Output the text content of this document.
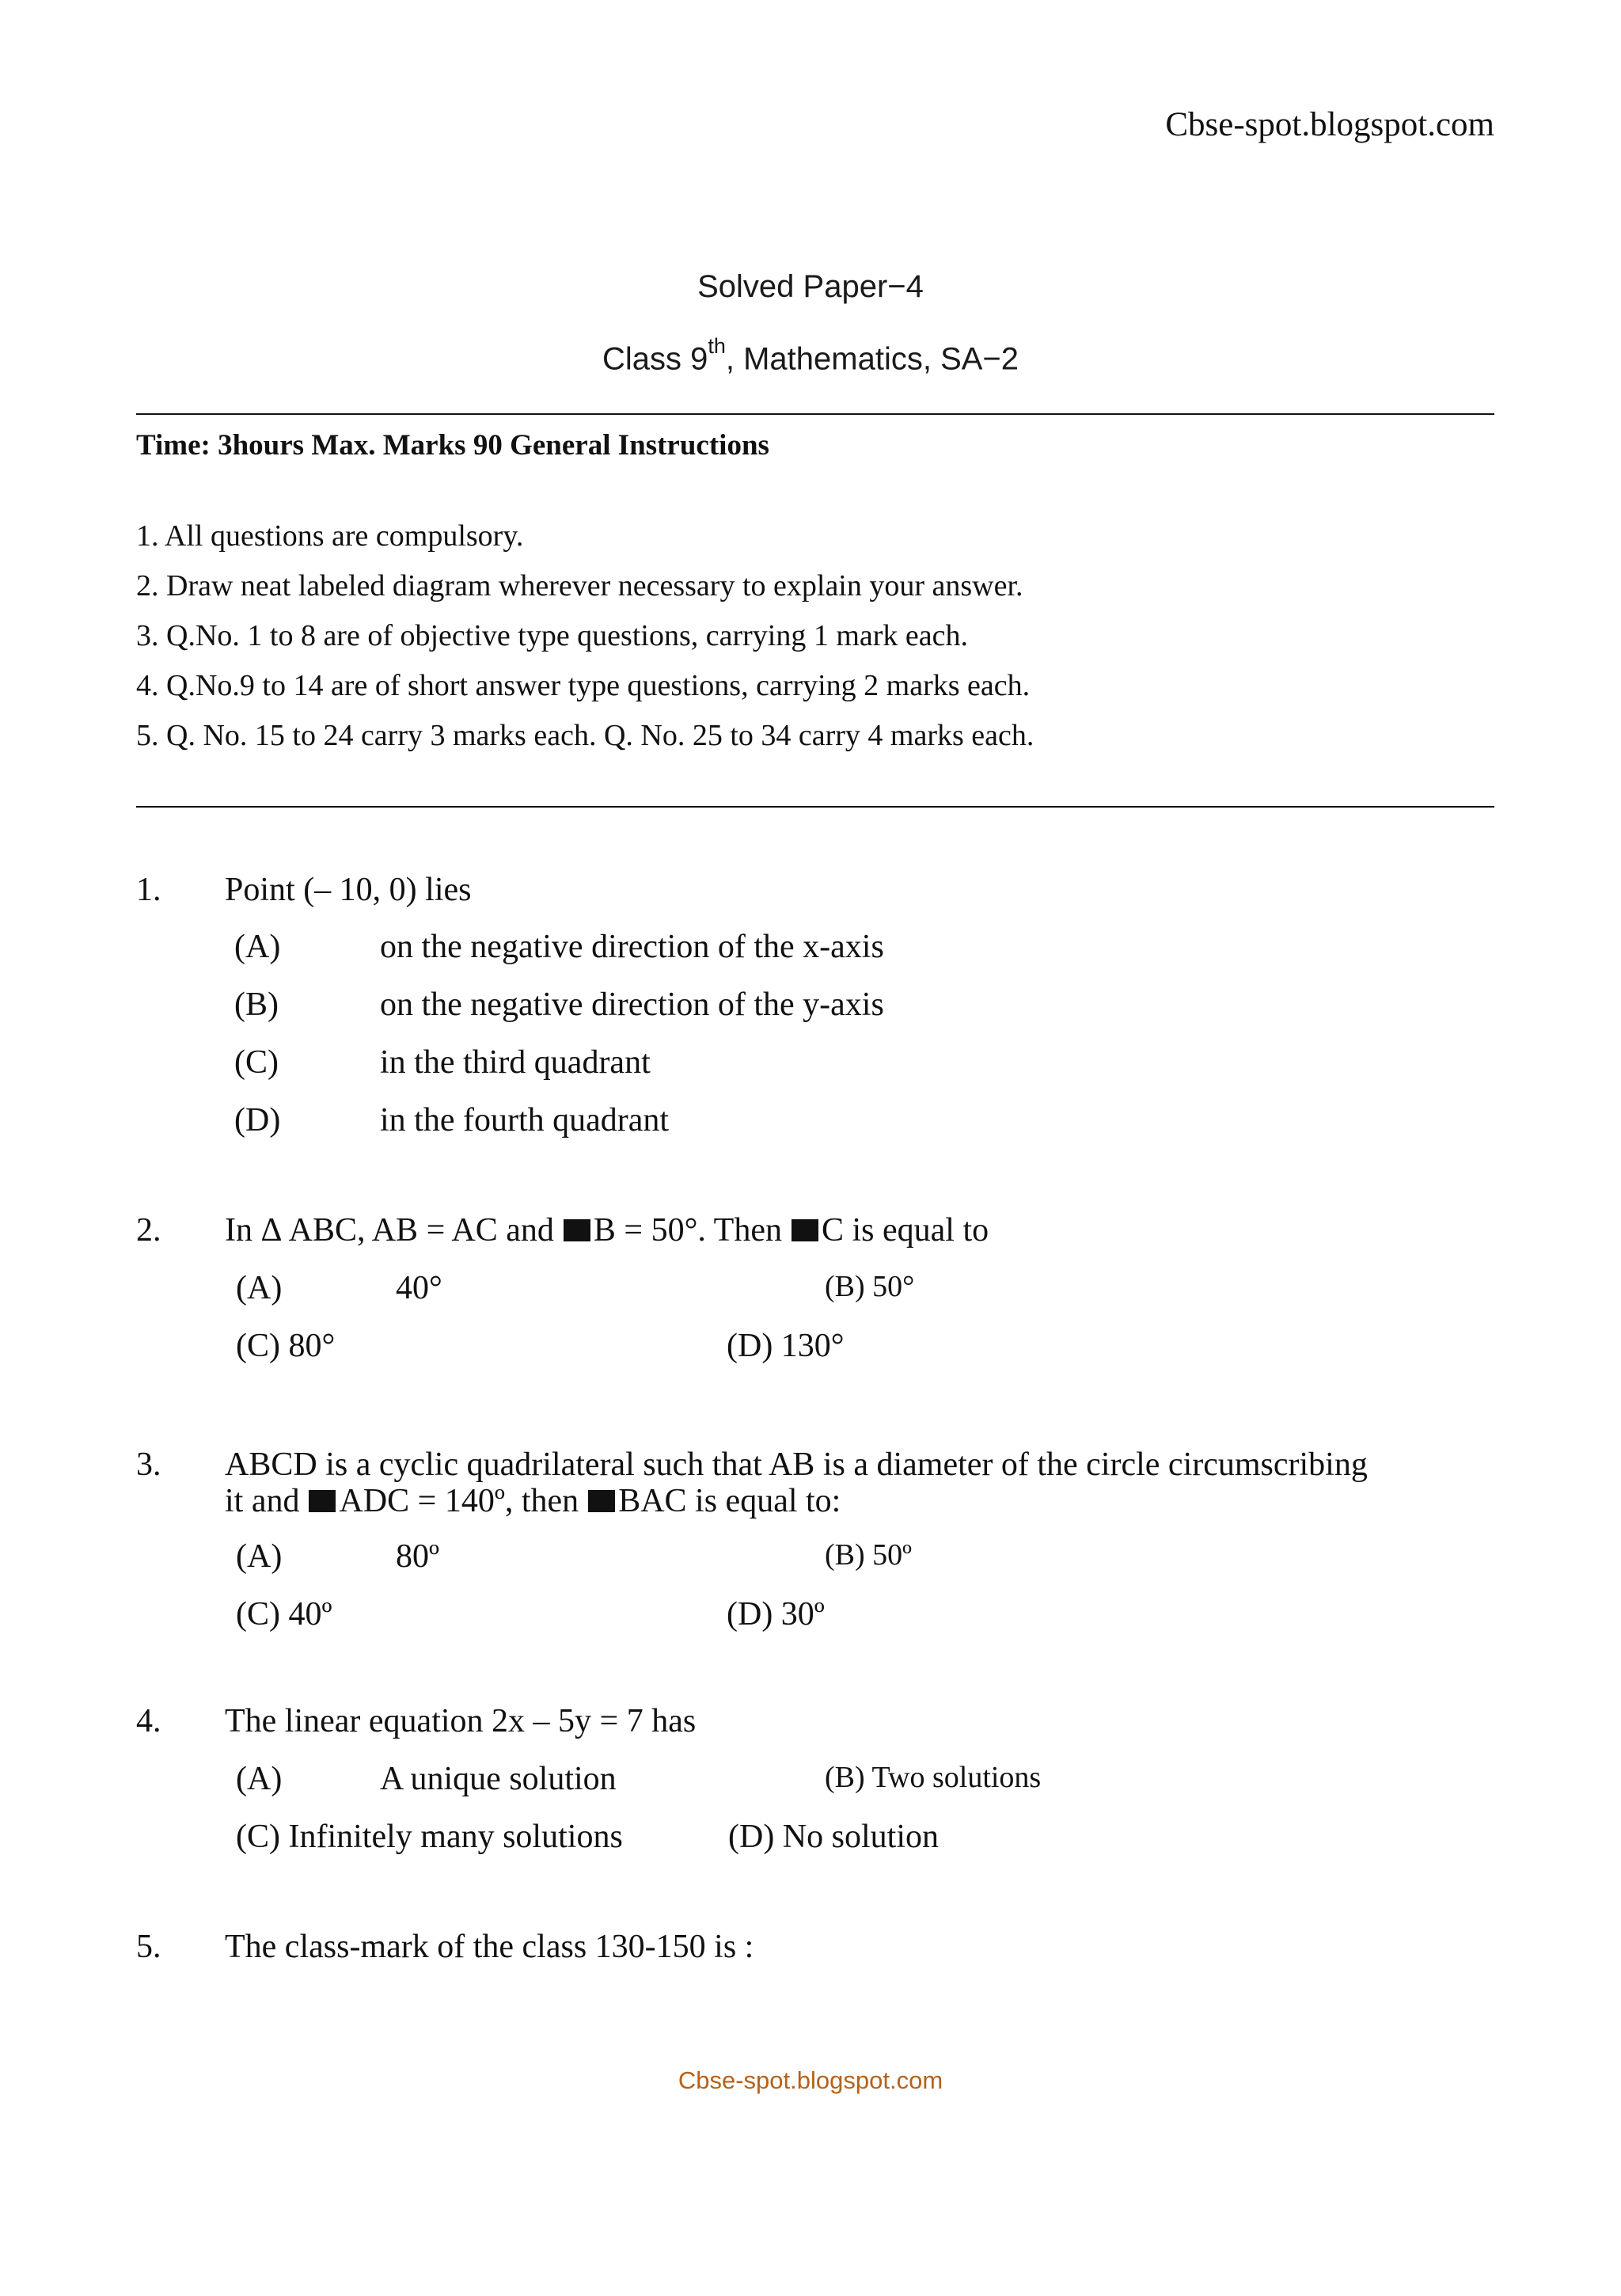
Cbse-spot.blogspot.com
Solved Paper−4
Class 9th, Mathematics, SA−2
Time: 3hours Max. Marks 90 General Instructions
1. All questions are compulsory.
2. Draw neat labeled diagram wherever necessary to explain your answer.
3. Q.No. 1 to 8 are of objective type questions, carrying 1 mark each.
4. Q.No.9 to 14 are of short answer type questions, carrying 2 marks each.
5. Q. No. 15 to 24 carry 3 marks each. Q. No. 25 to 34 carry 4 marks each.
1. Point (– 10, 0) lies
(A)	on the negative direction of the x-axis
(B)	on the negative direction of the y-axis
(C)	in the third quadrant
(D)	in the fourth quadrant
2. In Δ ABC, AB = AC and B = 50°. Then C is equal to
(A)	40°	(B) 50°
(C) 80°	(D) 130°
3. ABCD is a cyclic quadrilateral such that AB is a diameter of the circle circumscribing
it and ADC = 140º, then BAC is equal to:
(A)	80º	(B) 50º
(C) 40º	(D) 30º
4. The linear equation 2x – 5y = 7 has
(A)	A unique solution	(B) Two solutions
(C) Infinitely many solutions	(D) No solution
5. The class-mark of the class 130-150 is :
Cbse-spot.blogspot.com
